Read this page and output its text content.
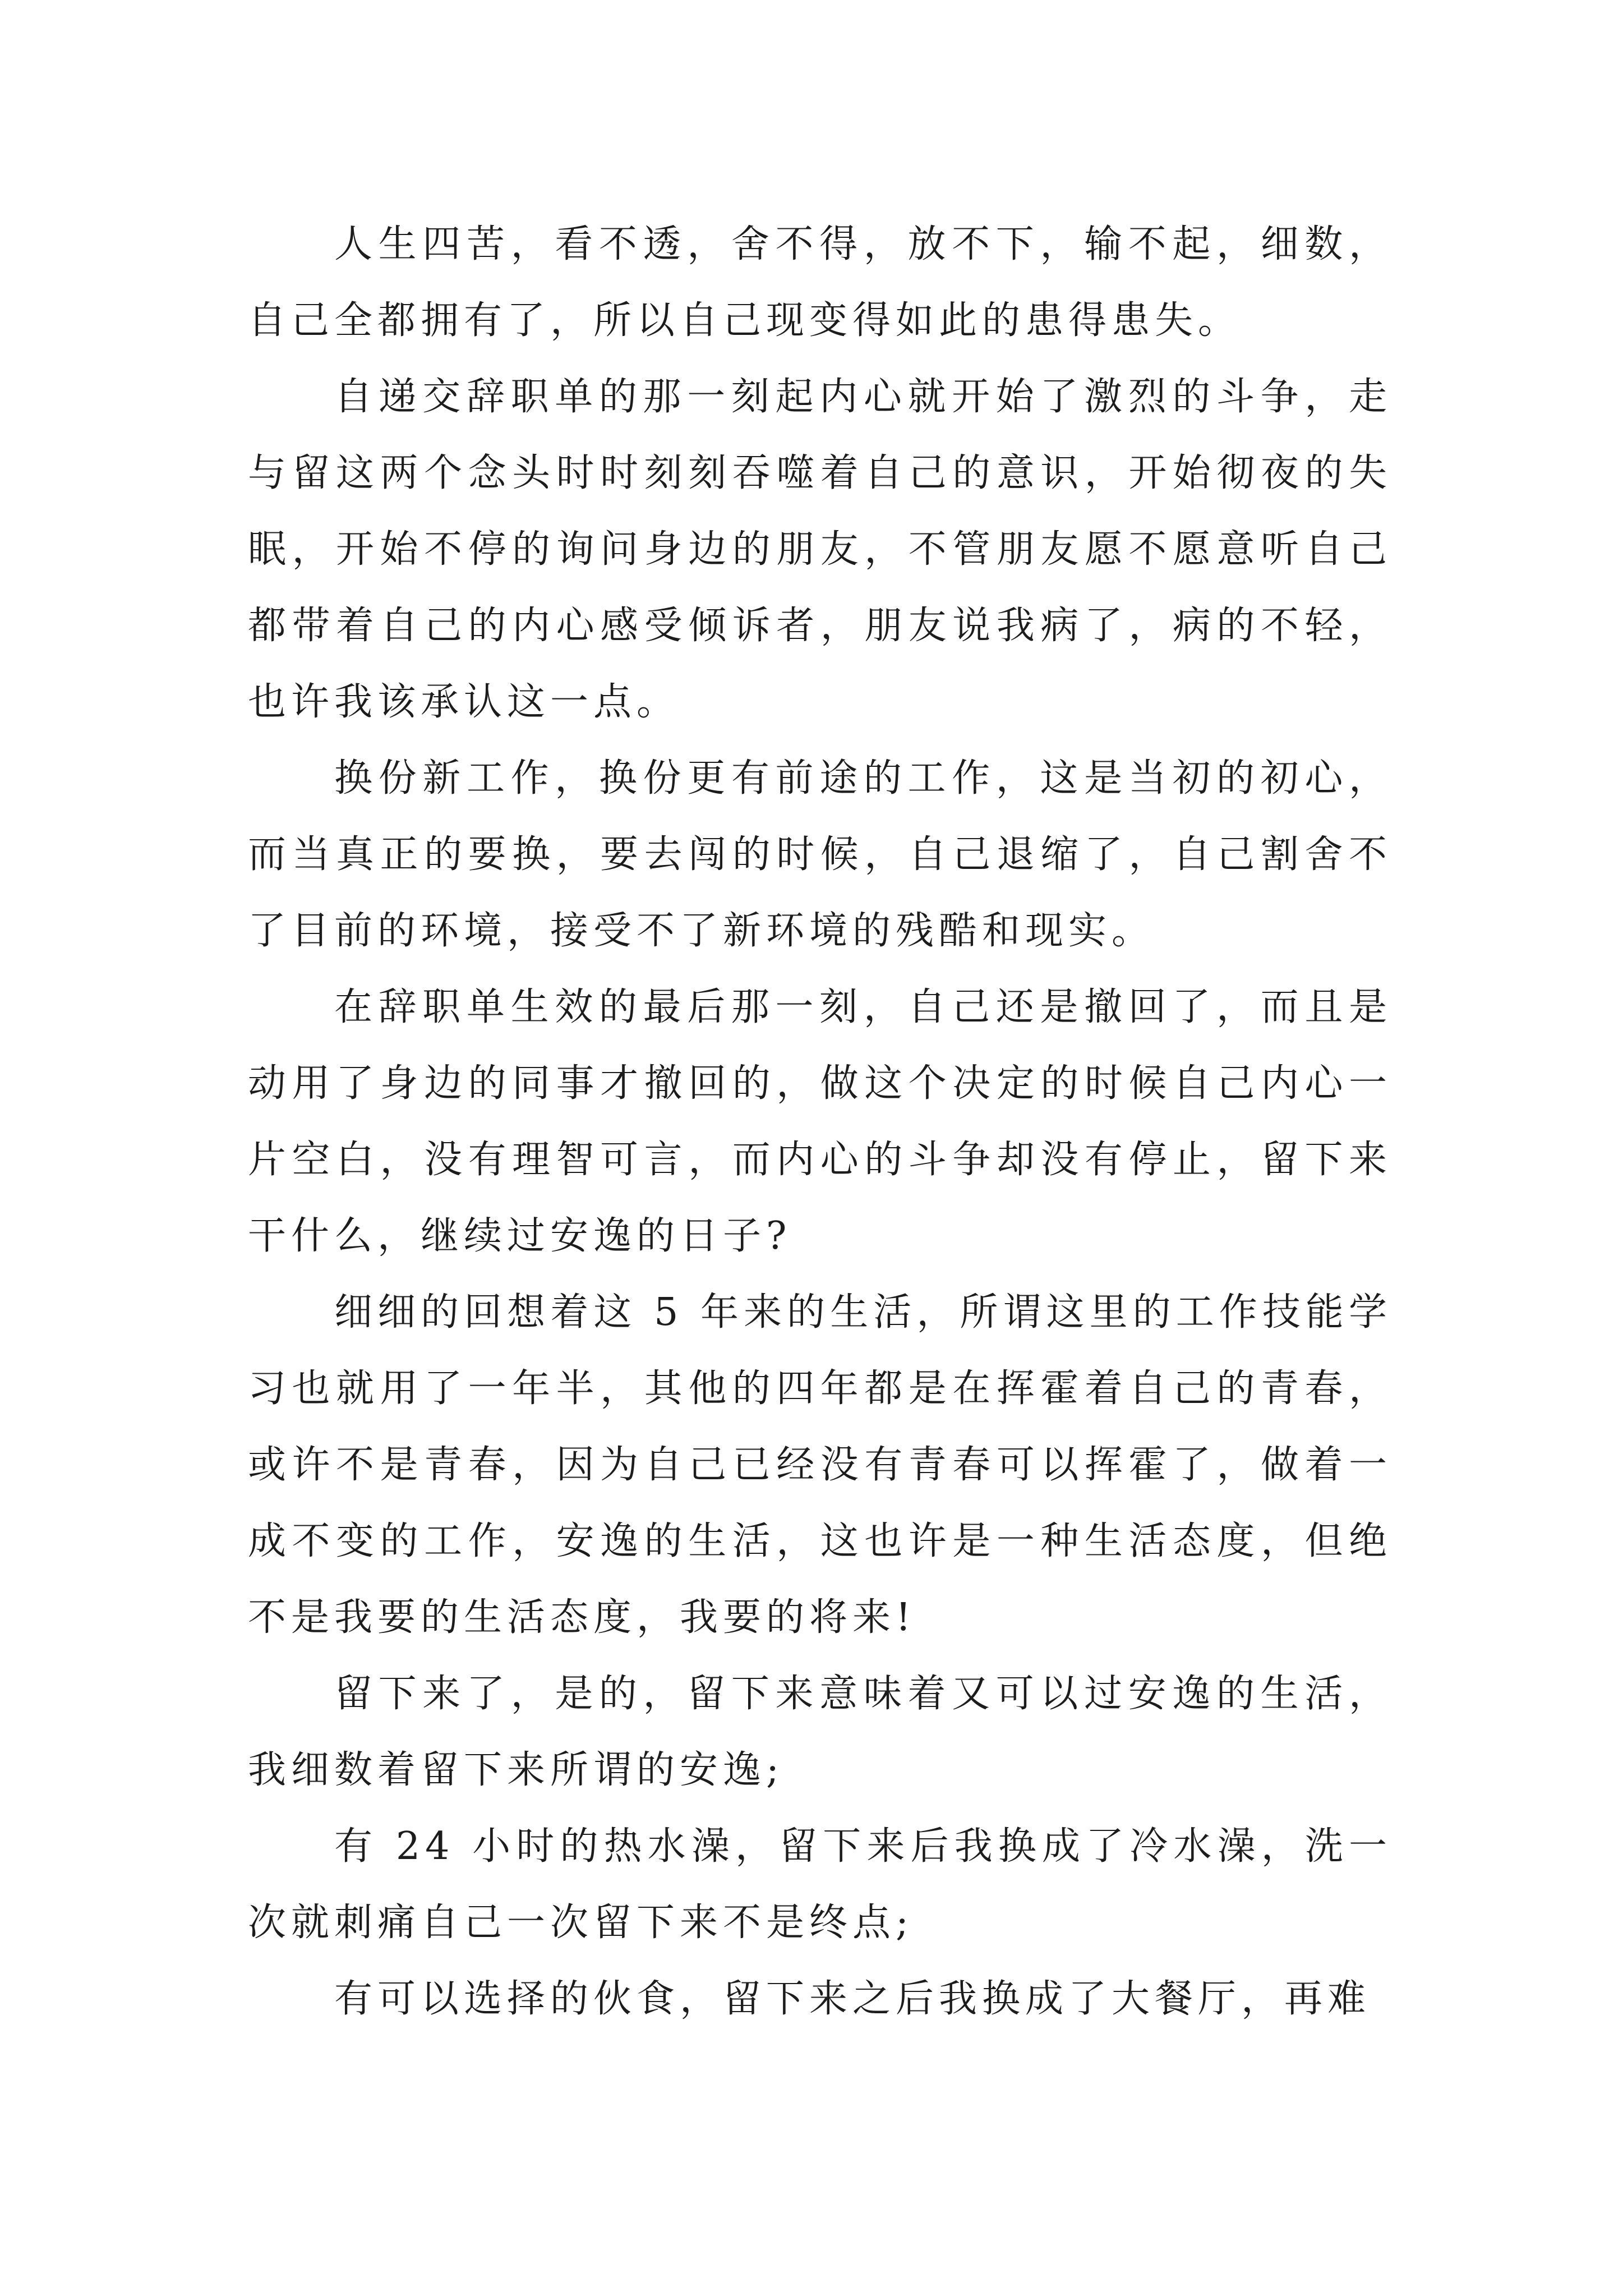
人生四苦，看不透，舍不得，放不下，输不起，细数，自己全都拥有了，所以自己现变得如此的患得患失。

自递交辞职单的那一刻起内心就开始了激烈的斗争，走与留这两个念头时时刻刻吞噬着自己的意识，开始彻夜的失眠，开始不停的询问身边的朋友，不管朋友愿不愿意听自己都带着自己的内心感受倾诉者，朋友说我病了，病的不轻，也许我该承认这一点。

换份新工作，换份更有前途的工作，这是当初的初心，而当真正的要换，要去闯的时候，自己退缩了，自己割舍不了目前的环境，接受不了新环境的残酷和现实。

在辞职单生效的最后那一刻，自己还是撤回了，而且是动用了身边的同事才撤回的，做这个决定的时候自己内心一片空白，没有理智可言，而内心的斗争却没有停止，留下来干什么，继续过安逸的日子?

细细的回想着这 5 年来的生活，所谓这里的工作技能学习也就用了一年半，其他的四年都是在挥霍着自己的青春，或许不是青春，因为自己已经没有青春可以挥霍了，做着一成不变的工作，安逸的生活，这也许是一种生活态度，但绝不是我要的生活态度，我要的将来!

留下来了，是的，留下来意味着又可以过安逸的生活，我细数着留下来所谓的安逸;

有 24 小时的热水澡，留下来后我换成了冷水澡，洗一次就刺痛自己一次留下来不是终点;

有可以选择的伙食，留下来之后我换成了大餐厅，再难
